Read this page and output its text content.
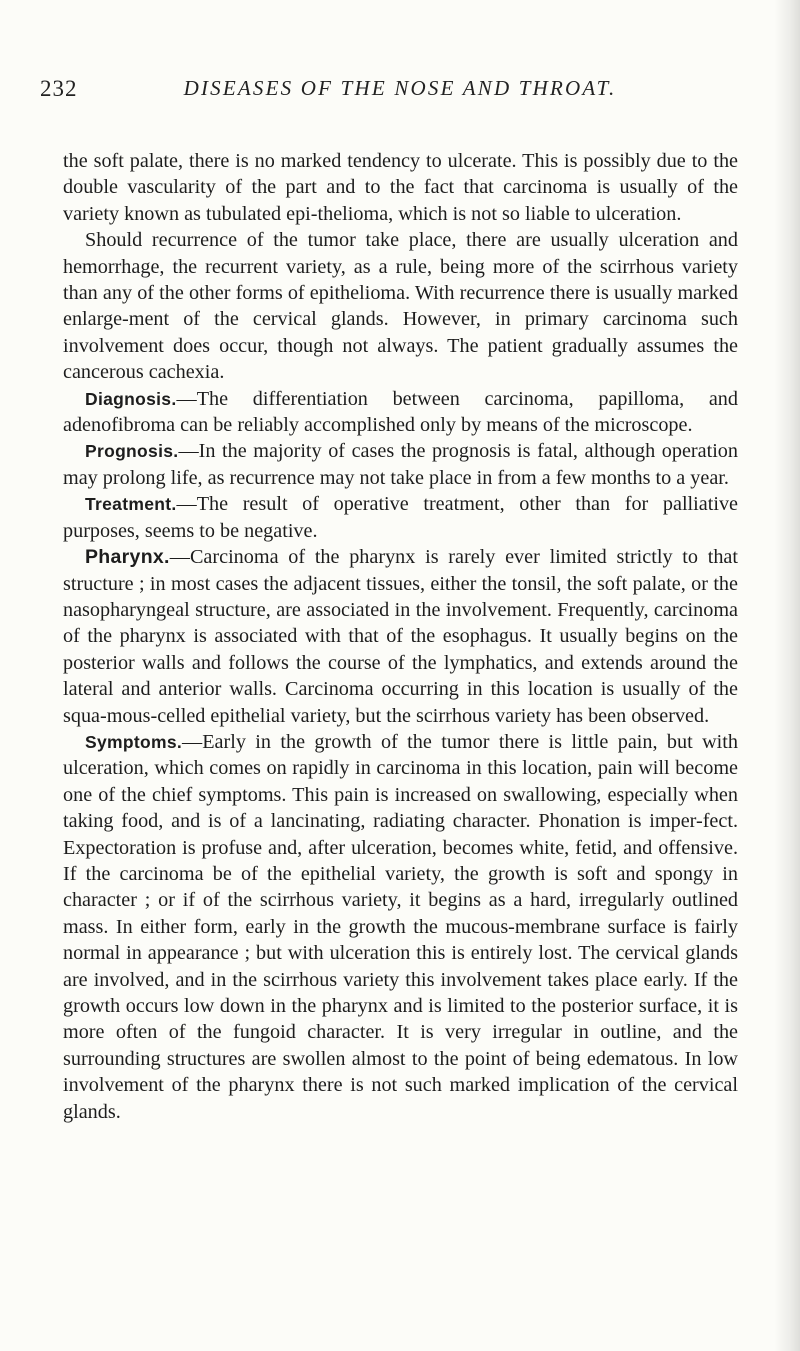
232	DISEASES OF THE NOSE AND THROAT.

the soft palate, there is no marked tendency to ulcerate. This is possibly due to the double vascularity of the part and to the fact that carcinoma is usually of the variety known as tubulated epi-thelioma, which is not so liable to ulceration.

Should recurrence of the tumor take place, there are usually ulceration and hemorrhage, the recurrent variety, as a rule, being more of the scirrhous variety than any of the other forms of epithelioma. With recurrence there is usually marked enlarge-ment of the cervical glands. However, in primary carcinoma such involvement does occur, though not always. The patient gradually assumes the cancerous cachexia.

Diagnosis.—The differentiation between carcinoma, papilloma, and adenofibroma can be reliably accomplished only by means of the microscope.

Prognosis.—In the majority of cases the prognosis is fatal, although operation may prolong life, as recurrence may not take place in from a few months to a year.

Treatment.—The result of operative treatment, other than for palliative purposes, seems to be negative.

Pharynx.—Carcinoma of the pharynx is rarely ever limited strictly to that structure ; in most cases the adjacent tissues, either the tonsil, the soft palate, or the nasopharyngeal structure, are associated in the involvement. Frequently, carcinoma of the pharynx is associated with that of the esophagus. It usually begins on the posterior walls and follows the course of the lymphatics, and extends around the lateral and anterior walls. Carcinoma occurring in this location is usually of the squa-mous-celled epithelial variety, but the scirrhous variety has been observed.

Symptoms.—Early in the growth of the tumor there is little pain, but with ulceration, which comes on rapidly in carcinoma in this location, pain will become one of the chief symptoms. This pain is increased on swallowing, especially when taking food, and is of a lancinating, radiating character. Phonation is imper-fect. Expectoration is profuse and, after ulceration, becomes white, fetid, and offensive. If the carcinoma be of the epithelial variety, the growth is soft and spongy in character ; or if of the scirrhous variety, it begins as a hard, irregularly outlined mass. In either form, early in the growth the mucous-membrane surface is fairly normal in appearance ; but with ulceration this is entirely lost. The cervical glands are involved, and in the scirrhous variety this involvement takes place early. If the growth occurs low down in the pharynx and is limited to the posterior surface, it is more often of the fungoid character. It is very irregular in outline, and the surrounding structures are swollen almost to the point of being edematous. In low involvement of the pharynx there is not such marked implication of the cervical glands.
